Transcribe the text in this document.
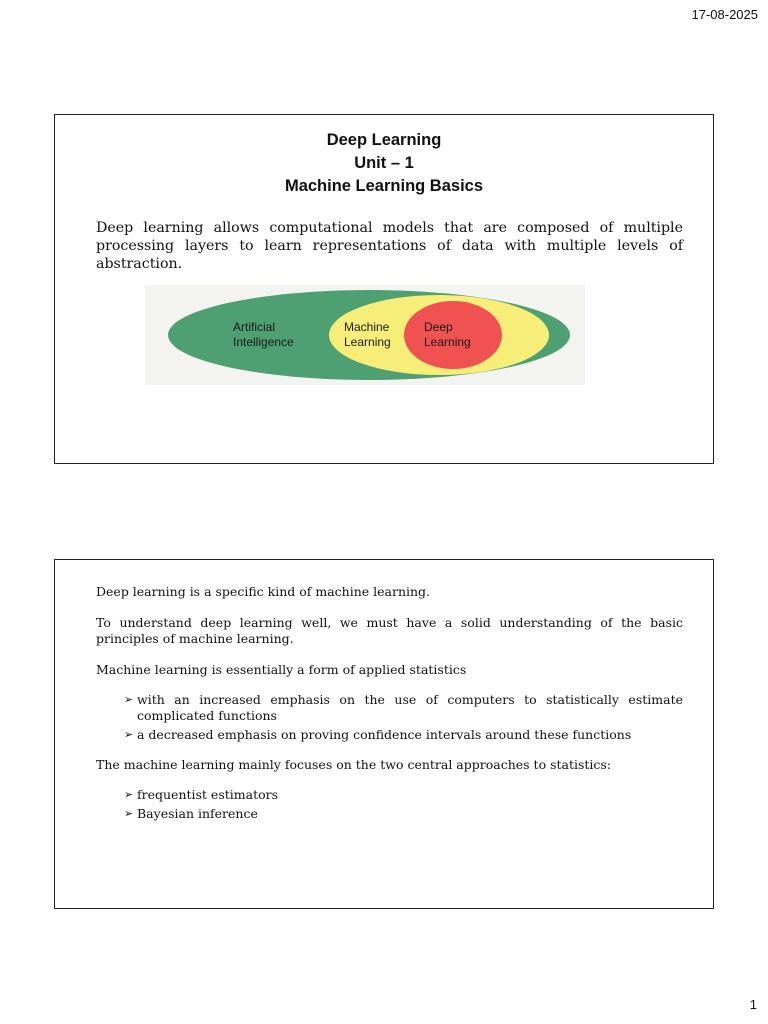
17-08-2025
Deep Learning
Unit – 1
Machine Learning Basics
Deep learning allows computational models that are composed of multiple processing layers to learn representations of data with multiple levels of abstraction.
Artificial
Intelligence
Machine
Learning
Deep
Learning

Deep learning is a specific kind of machine learning.

To understand deep learning well, we must have a solid understanding of the basic principles of machine learning.

Machine learning is essentially a form of applied statistics

➢ with an increased emphasis on the use of computers to statistically estimate complicated functions
➢ a decreased emphasis on proving confidence intervals around these functions

The machine learning mainly focuses on the two central approaches to statistics:

➢ frequentist estimators
➢ Bayesian inference
1
